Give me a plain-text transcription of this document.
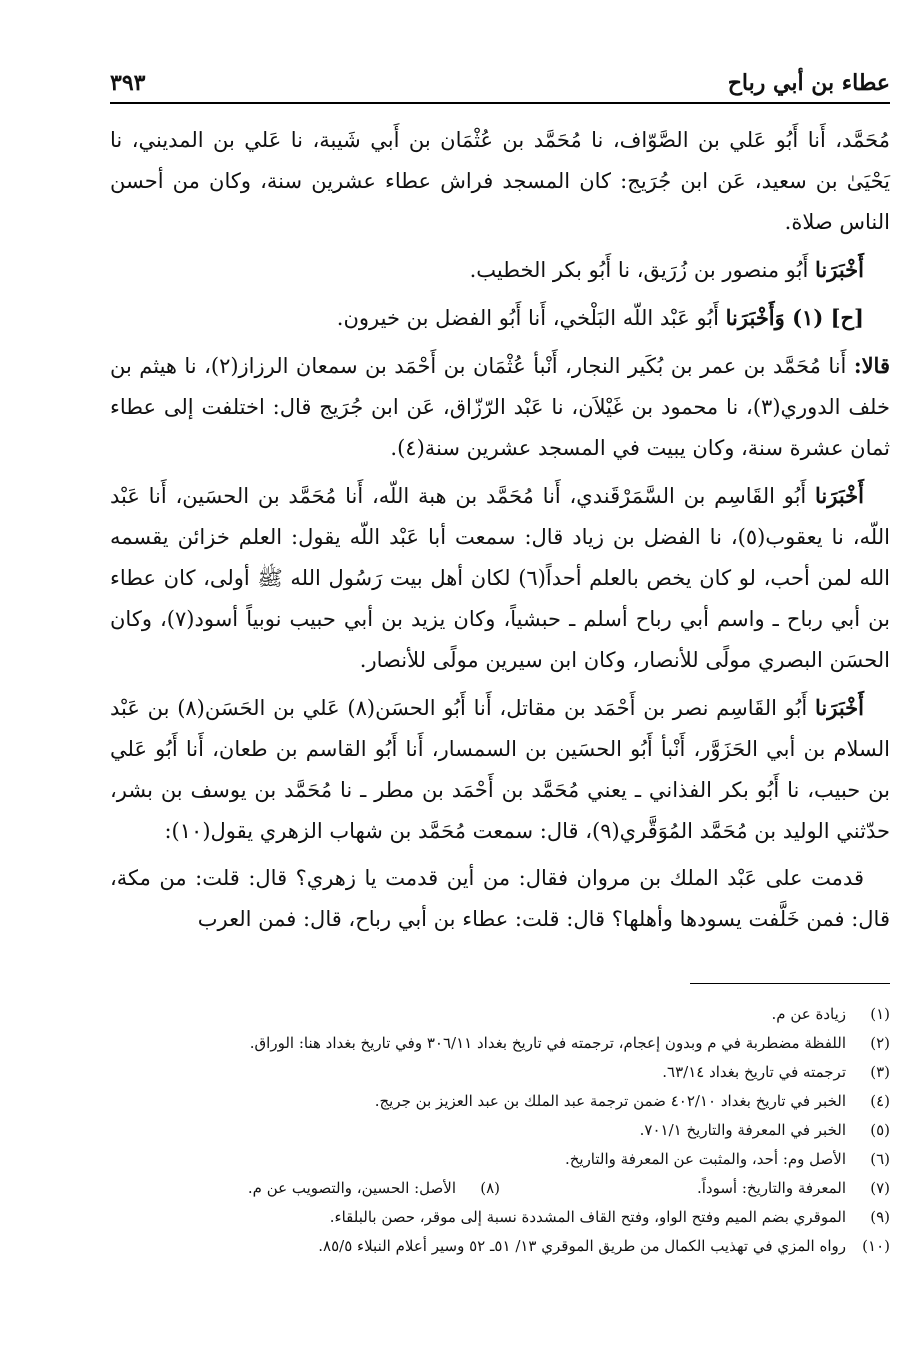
عطاء بن أبي رباح
٣٩٣

مُحَمَّد، أَنا أَبُو عَلي بن الصَّوّاف، نا مُحَمَّد بن عُثْمَان بن أَبي شَيبة، نا عَلي بن المديني، نا يَحْيَىٰ بن سعيد، عَن ابن جُرَيج: كان المسجد فراش عطاء عشرين سنة، وكان من أحسن الناس صلاة.

أَخْبَرَنا أَبُو منصور بن زُرَيق، نا أَبُو بكر الخطيب.

[ح] (١) وَأَخْبَرَنا أَبُو عَبْد اللّه البَلْخي، أَنا أَبُو الفضل بن خيرون.

قالا: أَنا مُحَمَّد بن عمر بن بُكَير النجار، أَنْبأ عُثْمَان بن أَحْمَد بن سمعان الرزاز(٢)، نا هيثم بن خلف الدوري(٣)، نا محمود بن غَيْلاَن، نا عَبْد الرّزّاق، عَن ابن جُرَيج قال: اختلفت إلى عطاء ثمان عشرة سنة، وكان يبيت في المسجد عشرين سنة(٤).

أَخْبَرَنا أَبُو القَاسِم بن السَّمَرْقَندي، أَنا مُحَمَّد بن هبة اللّه، أَنا مُحَمَّد بن الحسَين، أَنا عَبْد اللّه، نا يعقوب(٥)، نا الفضل بن زياد قال: سمعت أبا عَبْد اللّه يقول: العلم خزائن يقسمه الله لمن أحب، لو كان يخص بالعلم أحداً(٦) لكان أهل بيت رَسُول الله ﷺ أولى، كان عطاء بن أبي رباح ـ واسم أبي رباح أسلم ـ حبشياً، وكان يزيد بن أبي حبيب نوبياً أسود(٧)، وكان الحسَن البصري مولًى للأنصار، وكان ابن سيرين مولًى للأنصار.

أَخْبَرَنا أَبُو القَاسِم نصر بن أَحْمَد بن مقاتل، أَنا أَبُو الحسَن(٨) عَلي بن الحَسَن(٨) بن عَبْد السلام بن أبي الحَزَوَّر، أَنْبأ أَبُو الحسَين بن السمسار، أَنا أَبُو القاسم بن طعان، أَنا أَبُو عَلي بن حبيب، نا أَبُو بكر الفذاني ـ يعني مُحَمَّد بن أَحْمَد بن مطر ـ نا مُحَمَّد بن يوسف بن بشر، حدّثني الوليد بن مُحَمَّد المُوَقَّري(٩)، قال: سمعت مُحَمَّد بن شهاب الزهري يقول(١٠):

قدمت على عَبْد الملك بن مروان فقال: من أين قدمت يا زهري؟ قال: قلت: من مكة، قال: فمن خَلَّفت يسودها وأهلها؟ قال: قلت: عطاء بن أبي رباح، قال: فمن العرب

(١)
زيادة عن م.
(٢)
اللفظة مضطربة في م وبدون إعجام، ترجمته في تاريخ بغداد ٣٠٦/١١ وفي تاريخ بغداد هنا: الوراق.
(٣)
ترجمته في تاريخ بغداد ٦٣/١٤.
(٤)
الخبر في تاريخ بغداد ٤٠٢/١٠ ضمن ترجمة عبد الملك بن عبد العزيز بن جريج.
(٥)
الخبر في المعرفة والتاريخ ٧٠١/١.
(٦)
الأصل وم: أحد، والمثبت عن المعرفة والتاريخ.
(٧)
المعرفة والتاريخ: أسوداً.
(٨)
الأصل: الحسين، والتصويب عن م.
(٩)
الموقري بضم الميم وفتح الواو، وفتح القاف المشددة نسبة إلى موقر، حصن بالبلقاء.
(١٠)
رواه المزي في تهذيب الكمال من طريق الموقري ١٣/ ٥١ـ ٥٢ وسير أعلام النبلاء ٨٥/٥.
